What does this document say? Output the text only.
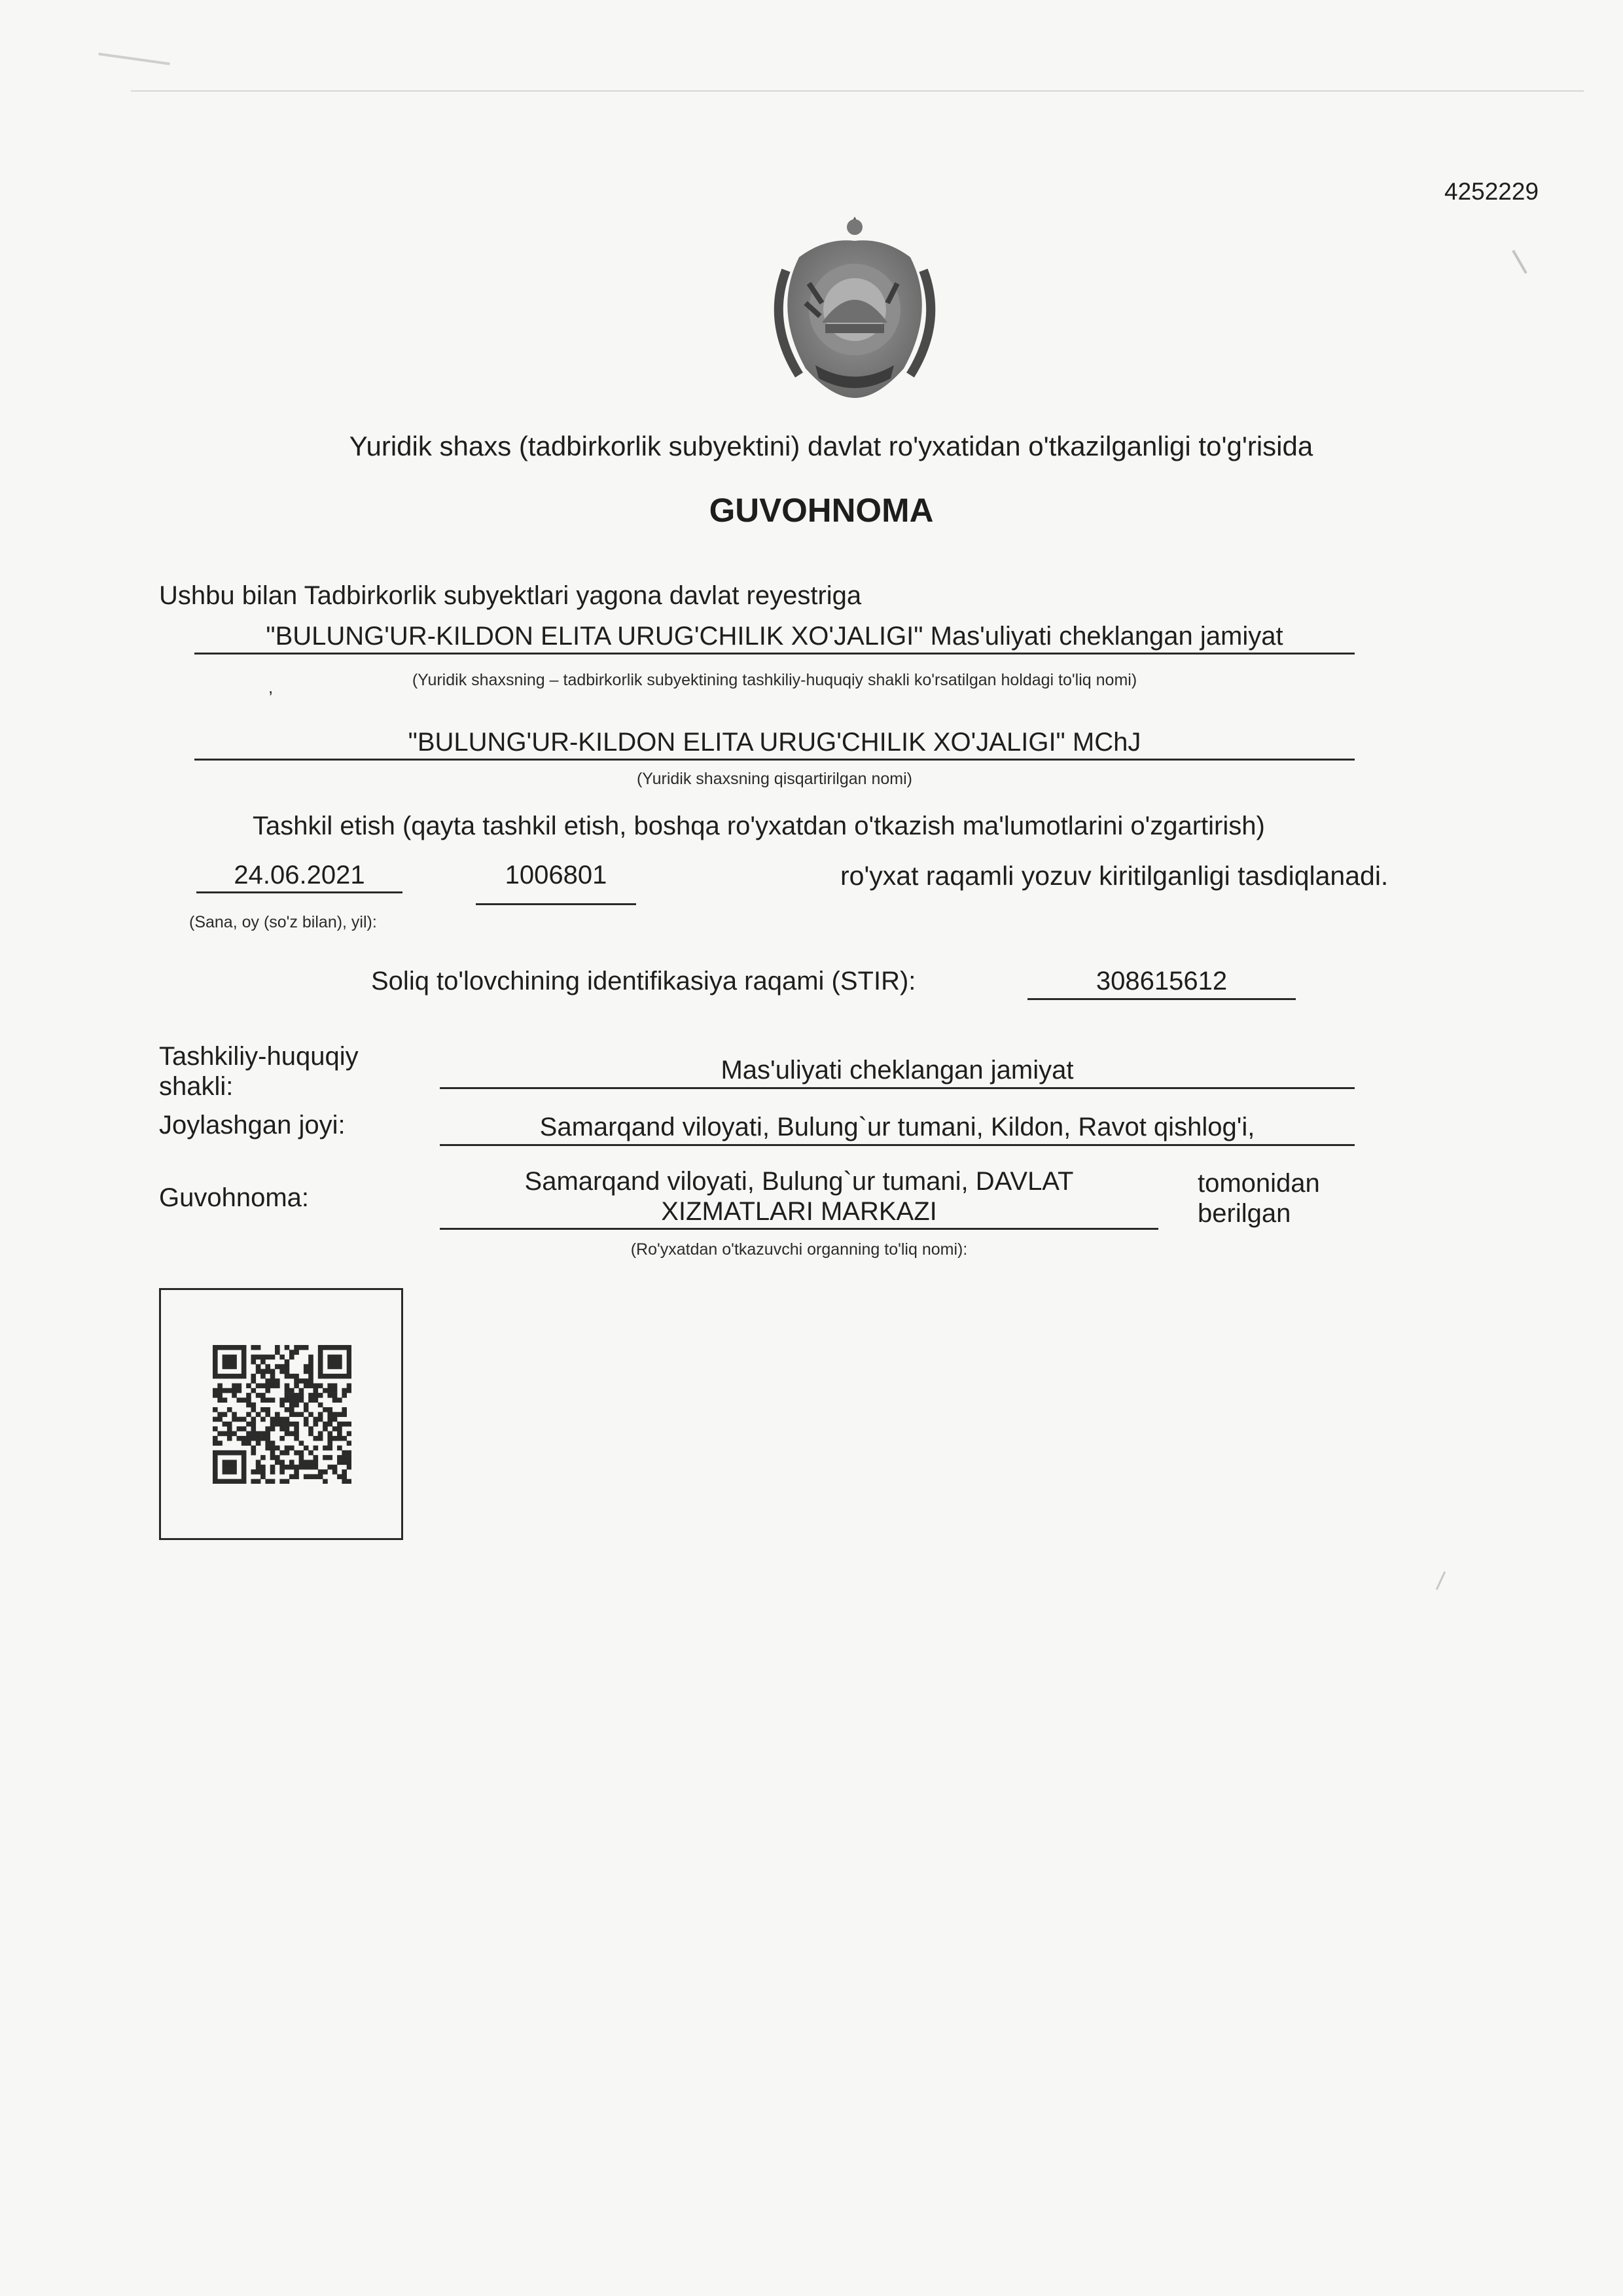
4252229
Yuridik shaxs (tadbirkorlik subyektini) davlat ro'yxatidan o'tkazilganligi to'g'risida
GUVOHNOMA
Ushbu bilan Tadbirkorlik subyektlari yagona davlat reyestriga
"BULUNG'UR-KILDON ELITA URUG'CHILIK XO'JALIGI" Mas'uliyati cheklangan jamiyat
(Yuridik shaxsning – tadbirkorlik subyektining tashkiliy-huquqiy shakli ko'rsatilgan holdagi to'liq nomi)
,
"BULUNG'UR-KILDON ELITA URUG'CHILIK XO'JALIGI" MChJ
(Yuridik shaxsning qisqartirilgan nomi)
Tashkil etish (qayta tashkil etish, boshqa ro'yxatdan o'tkazish ma'lumotlarini o'zgartirish)
24.06.2021	1006801	ro'yxat raqamli yozuv kiritilganligi tasdiqlanadi.
(Sana, oy (so'z bilan), yil):
Soliq to'lovchining identifikasiya raqami (STIR):	308615612
Tashkiliy-huquqiy
shakli:
Mas'uliyati cheklangan jamiyat
Joylashgan joyi:	Samarqand viloyati, Bulung`ur tumani, Kildon, Ravot qishlog'i,
Guvohnoma:
Samarqand viloyati, Bulung`ur tumani, DAVLAT
XIZMATLARI MARKAZI
tomonidan
berilgan
(Ro'yxatdan o'tkazuvchi organning to'liq nomi):
